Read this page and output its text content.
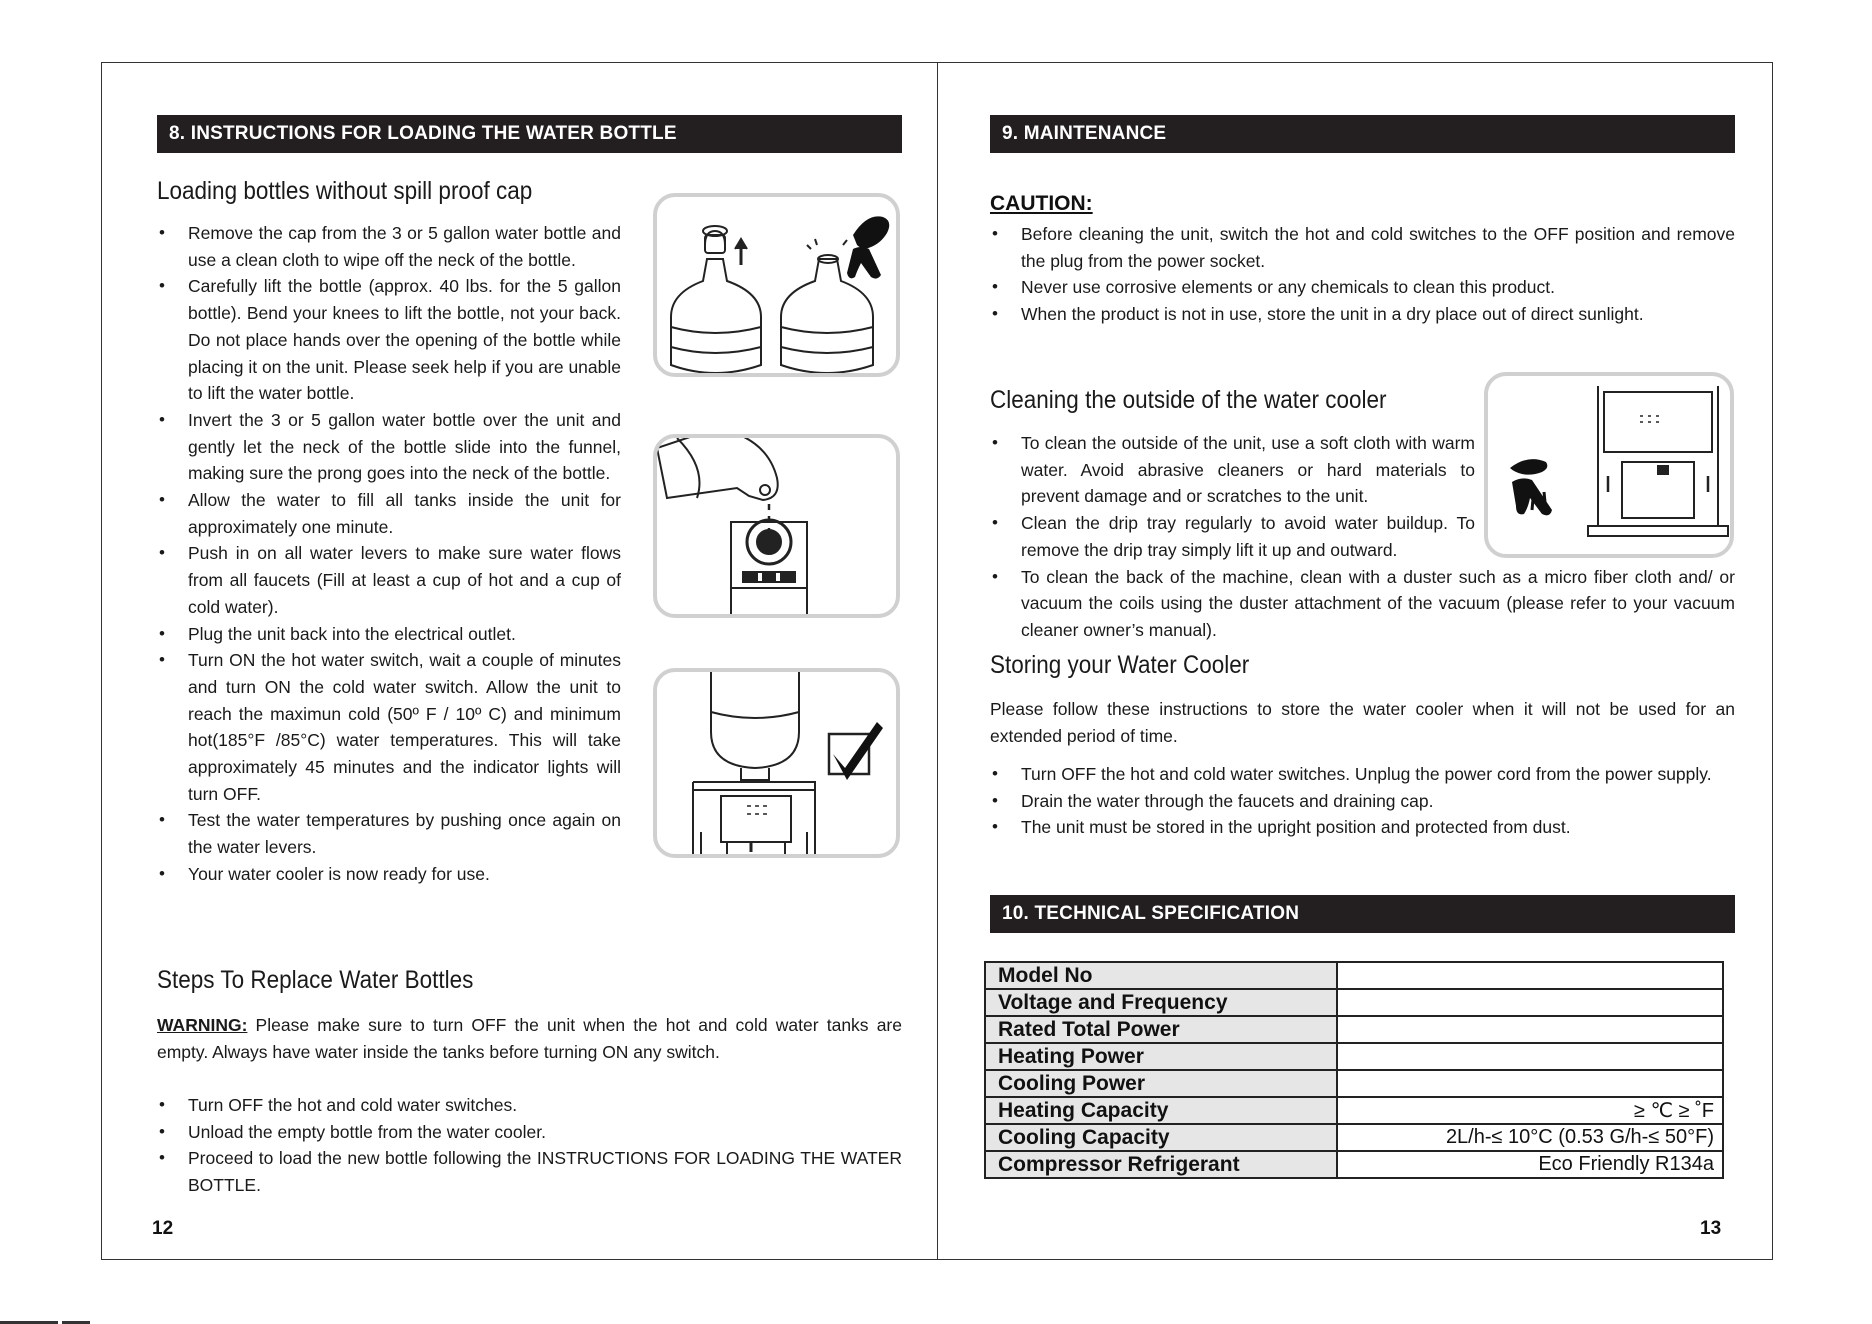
8. INSTRUCTIONS FOR LOADING THE WATER BOTTLE
Loading bottles without spill proof cap
• Remove the cap from the 3 or 5 gallon water bottle and use a clean cloth to wipe off the neck of the bottle.
• Carefully lift the bottle (approx. 40 lbs. for the 5 gallon bottle). Bend your knees to lift the bottle, not your back. Do not place hands over the opening of the bottle while placing it on the unit. Please seek help if you are unable to lift the water bottle.
• Invert the 3 or 5 gallon water bottle over the unit and gently let the neck of the bottle slide into the funnel, making sure the prong goes into the neck of the bottle.
• Allow the water to fill all tanks inside the unit for approximately one minute.
• Push in on all water levers to make sure water flows from all faucets (Fill at least a cup of hot and a cup of cold water).
• Plug the unit back into the electrical outlet.
• Turn ON the hot water switch, wait a couple of minutes and turn ON the cold water switch. Allow the unit to reach the maximun cold (50º F / 10º C) and minimum hot(185°F /85°C) water temperatures. This will take approximately 45 minutes and the indicator lights will turn OFF.
• Test the water temperatures by pushing once again on the water levers.
• Your water cooler is now ready for use.
Steps To Replace Water Bottles
WARNING: Please make sure to turn OFF the unit when the hot and cold water tanks are empty. Always have water inside the tanks before turning ON any switch.
• Turn OFF the hot and cold water switches.
• Unload the empty bottle from the water cooler.
• Proceed to load the new bottle following the INSTRUCTIONS FOR LOADING THE WATER BOTTLE.
12
9. MAINTENANCE
CAUTION:
• Before cleaning the unit, switch the hot and cold switches to the OFF position and remove the plug from the power socket.
• Never use corrosive elements or any chemicals to clean this product.
• When the product is not in use, store the unit in a dry place out of direct sunlight.
Cleaning the outside of the water cooler
• To clean the outside of the unit, use a soft cloth with warm water. Avoid abrasive cleaners or hard materials to prevent damage and or scratches to the unit.
• Clean the drip tray regularly to avoid water buildup. To remove the drip tray simply lift it up and outward.
• To clean the back of the machine, clean with a duster such as a micro fiber cloth and/ or vacuum the coils using the duster attachment of the vacuum (please refer to your vacuum cleaner owner’s manual).
Storing your Water Cooler
Please follow these instructions to store the water cooler when it will not be used for an extended period of time.
• Turn OFF the hot and cold water switches. Unplug the power cord from the power supply.
• Drain the water through the faucets and draining cap.
• The unit must be stored in the upright position and protected from dust.
10. TECHNICAL SPECIFICATION
Model No	
Voltage and Frequency	
Rated Total Power	
Heating Power	
Cooling Power	
Heating Capacity	≥ ℃ ≥ ˚F
Cooling Capacity	2L/h-≤ 10°C (0.53 G/h-≤ 50°F)
Compressor Refrigerant	Eco Friendly R134a
13
